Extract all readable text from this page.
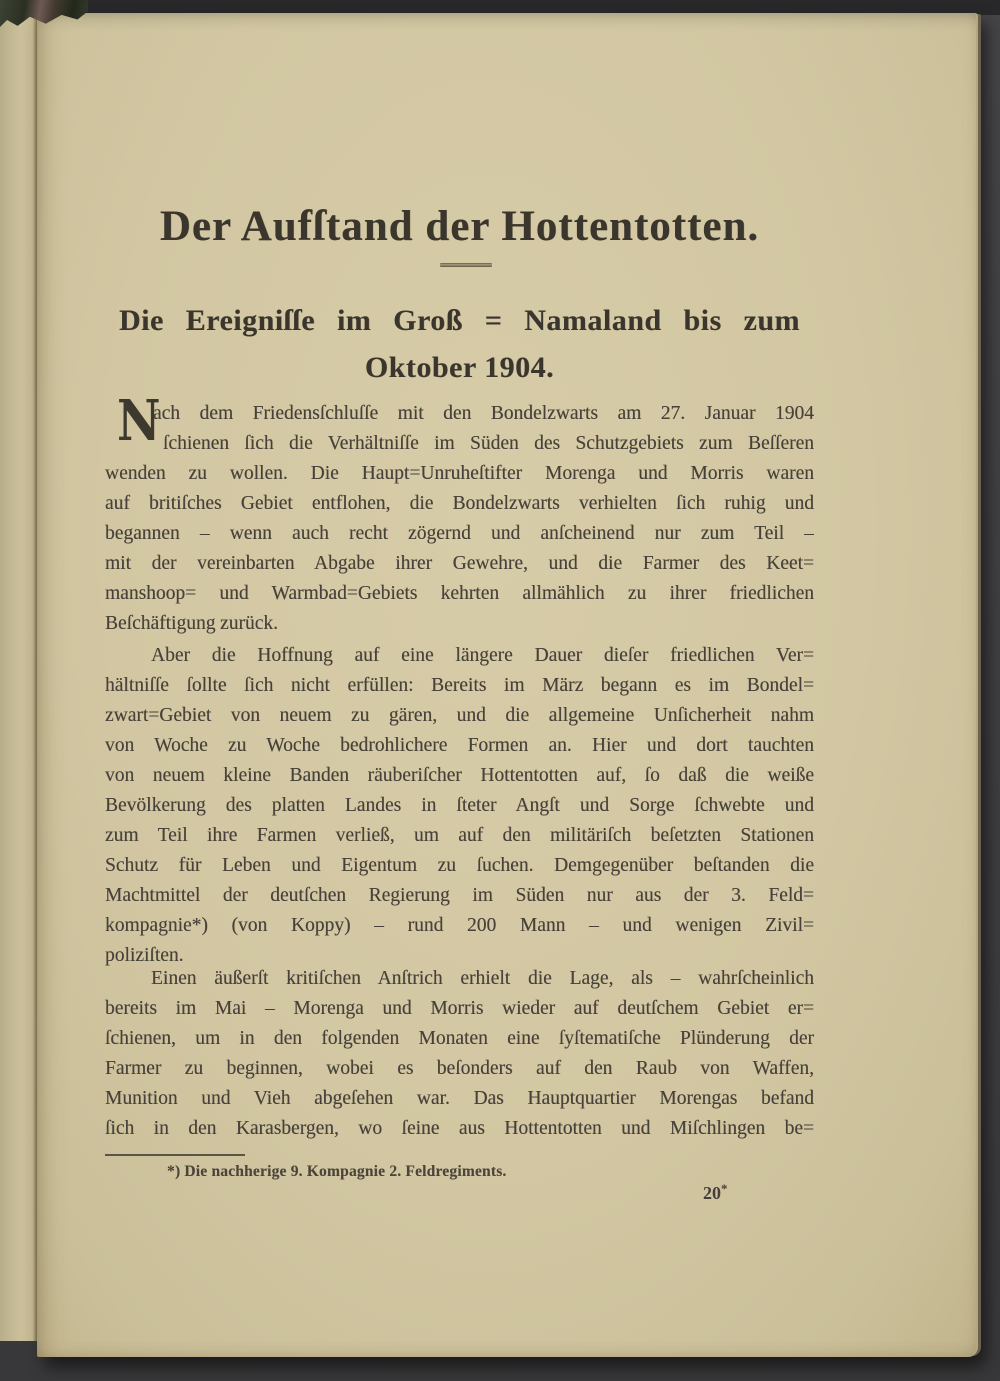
Der Aufſtand der Hottentotten.
Die Ereigniſſe im Groß = Namaland bis zum
Oktober 1904.
N
ach dem Friedensſchluſſe mit den Bondelzwarts am 27. Januar 1904
ſchienen ſich die Verhältniſſe im Süden des Schutzgebiets zum Beſſeren
wenden zu wollen. Die Haupt=Unruheſtifter Morenga und Morris waren
auf britiſches Gebiet entflohen, die Bondelzwarts verhielten ſich ruhig und
begannen – wenn auch recht zögernd und anſcheinend nur zum Teil –
mit der vereinbarten Abgabe ihrer Gewehre, und die Farmer des Keet=
manshoop= und Warmbad=Gebiets kehrten allmählich zu ihrer friedlichen
Beſchäftigung zurück.
Aber die Hoffnung auf eine längere Dauer dieſer friedlichen Ver=
hältniſſe ſollte ſich nicht erfüllen: Bereits im März begann es im Bondel=
zwart=Gebiet von neuem zu gären, und die allgemeine Unſicherheit nahm
von Woche zu Woche bedrohlichere Formen an. Hier und dort tauchten
von neuem kleine Banden räuberiſcher Hottentotten auf, ſo daß die weiße
Bevölkerung des platten Landes in ſteter Angſt und Sorge ſchwebte und
zum Teil ihre Farmen verließ, um auf den militäriſch beſetzten Stationen
Schutz für Leben und Eigentum zu ſuchen. Demgegenüber beſtanden die
Machtmittel der deutſchen Regierung im Süden nur aus der 3. Feld=
kompagnie*) (von Koppy) – rund 200 Mann – und wenigen Zivil=
poliziſten.
Einen äußerſt kritiſchen Anſtrich erhielt die Lage, als – wahrſcheinlich
bereits im Mai – Morenga und Morris wieder auf deutſchem Gebiet er=
ſchienen, um in den folgenden Monaten eine ſyſtematiſche Plünderung der
Farmer zu beginnen, wobei es beſonders auf den Raub von Waffen,
Munition und Vieh abgeſehen war. Das Hauptquartier Morengas befand
ſich in den Karasbergen, wo ſeine aus Hottentotten und Miſchlingen be=
*) Die nachherige 9. Kompagnie 2. Feldregiments.
20*
